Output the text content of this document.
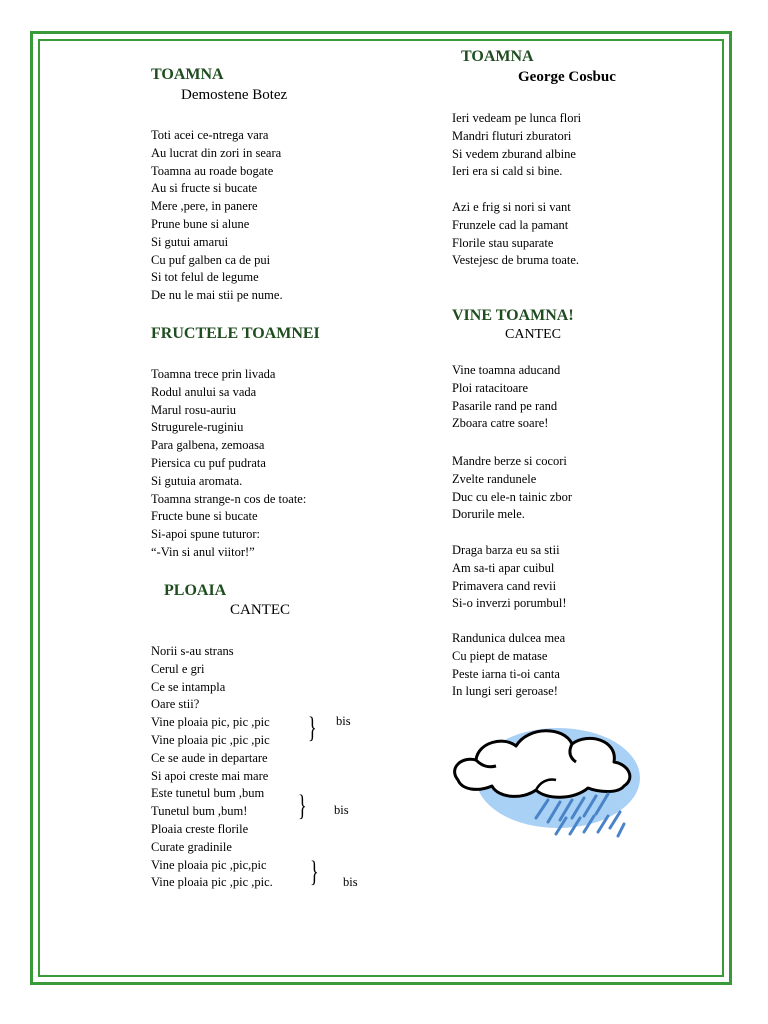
TOAMNA

Demostene Botez

Toti acei ce-ntrega vara
Au lucrat din zori in seara
Toamna au roade bogate
Au si fructe si bucate
Mere ,pere, in panere
Prune bune si alune
Si gutui amarui
Cu puf galben ca de pui
Si tot felul de legume
De nu le mai stii pe nume.
FRUCTELE TOAMNEI
Toamna trece prin livada
Rodul anului sa vada
Marul rosu-auriu
Strugurele-ruginiu
Para galbena, zemoasa
Piersica cu puf pudrata
Si gutuia aromata.
Toamna strange-n cos de toate:
Fructe bune si bucate
Si-apoi spune tuturor:
“-Vin si anul viitor!”
PLOAIA

CANTEC

Norii s-au strans
Cerul e gri
Ce se intampla
Oare stii?
Vine ploaia pic, pic ,pic
Vine ploaia pic ,pic ,pic
Ce se aude in departare
Si apoi creste mai mare
Este tunetul bum ,bum
Tunetul bum ,bum!
Ploaia creste florile
Curate gradinile
Vine ploaia pic ,pic,pic
Vine ploaia pic ,pic ,pic.
} bis
} bis
} bis
TOAMNA

George Cosbuc

Ieri vedeam pe lunca flori
Mandri fluturi zburatori
Si vedem zburand albine
Ieri era si cald si bine.
Azi e frig si nori si vant
Frunzele cad la pamant
Florile stau suparate
Vestejesc de bruma toate.
VINE TOAMNA!

CANTEC

Vine toamna aducand
Ploi ratacitoare
Pasarile rand pe rand
Zboara catre soare!
Mandre berze si cocori
Zvelte randunele
Duc cu ele-n tainic zbor
Dorurile mele.
Draga barza eu sa stii
Am sa-ti apar cuibul
Primavera cand revii
Si-o inverzi porumbul!
Randunica dulcea mea
Cu piept de matase
Peste iarna ti-oi canta
In lungi seri geroase!
